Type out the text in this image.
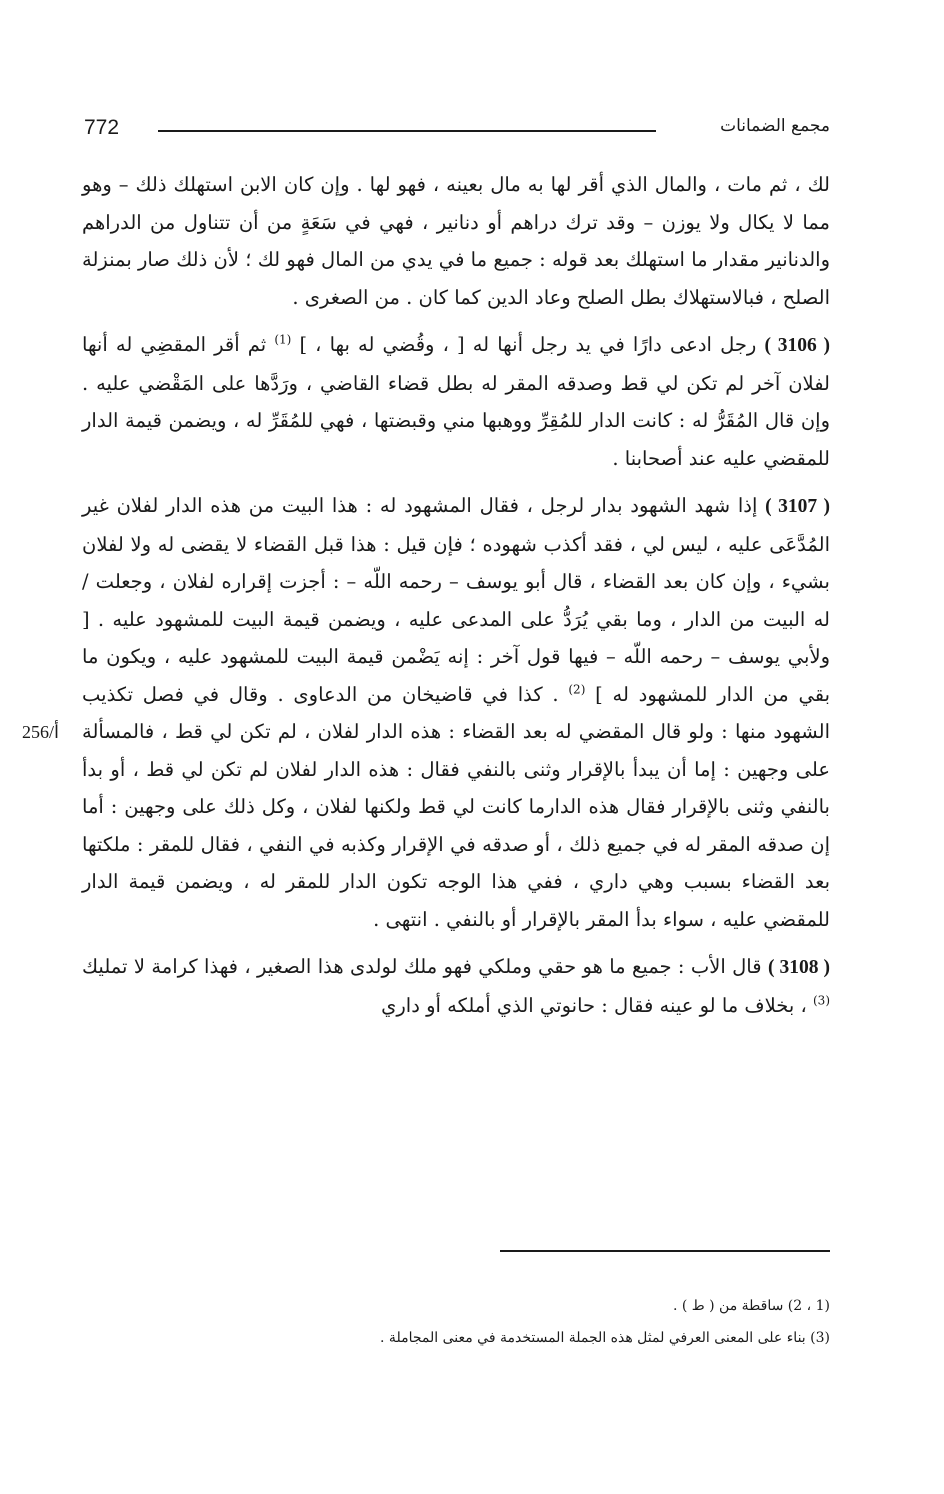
772	مجمع الضمانات
256/أ

لك ، ثم مات ، والمال الذي أقر لها به مال بعينه ، فهو لها . وإن كان الابن استهلك ذلك – وهو مما لا يكال ولا يوزن – وقد ترك دراهم أو دنانير ، فهي في سَعَةٍ من أن تتناول من الدراهم والدنانير مقدار ما استهلك بعد قوله : جميع ما في يدي من المال فهو لك ؛ لأن ذلك صار بمنزلة الصلح ، فبالاستهلاك بطل الصلح وعاد الدين كما كان . من الصغرى .

( 3106 ) رجل ادعى دارًا في يد رجل أنها له [ ، وقُضي له بها ، ] $^{(1)}$ ثم أقر المقضِي له أنها لفلان آخر لم تكن لي قط وصدقه المقر له بطل قضاء القاضي ، ورَدَّها على المَقْضي عليه . وإن قال المُقَرُّ له : كانت الدار للمُقِرِّ ووهبها مني وقبضتها ، فهي للمُقَرِّ له ، ويضمن قيمة الدار للمقضي عليه عند أصحابنا .

( 3107 ) إذا شهد الشهود بدار لرجل ، فقال المشهود له : هذا البيت من هذه الدار لفلان غير المُدَّعَى عليه ، ليس لي ، فقد أكذب شهوده ؛ فإن قيل : هذا قبل القضاء لا يقضى له ولا لفلان بشيء ، وإن كان بعد القضاء ، قال أبو يوسف – رحمه اللّه – : أجزت إقراره لفلان ، وجعلت / له البيت من الدار ، وما بقي يُرَدُّ على المدعى عليه ، ويضمن قيمة البيت للمشهود عليه . [ ولأبي يوسف – رحمه اللّه – فيها قول آخر : إنه يَضْمن قيمة البيت للمشهود عليه ، ويكون ما بقي من الدار للمشهود له ] $^{(2)}$ . كذا في قاضيخان من الدعاوى . وقال في فصل تكذيب الشهود منها : ولو قال المقضي له بعد القضاء : هذه الدار لفلان ، لم تكن لي قط ، فالمسألة على وجهين : إما أن يبدأ بالإقرار وثنى بالنفي فقال : هذه الدار لفلان لم تكن لي قط ، أو بدأ بالنفي وثنى بالإقرار فقال هذه الدارما كانت لي قط ولكنها لفلان ، وكل ذلك على وجهين : أما إن صدقه المقر له في جميع ذلك ، أو صدقه في الإقرار وكذبه في النفي ، فقال للمقر : ملكتها بعد القضاء بسبب وهي داري ، ففي هذا الوجه تكون الدار للمقر له ، ويضمن قيمة الدار للمقضي عليه ، سواء بدأ المقر بالإقرار أو بالنفي . انتهى .

( 3108 ) قال الأب : جميع ما هو حقي وملكي فهو ملك لولدى هذا الصغير ، فهذا كرامة لا تمليك $^{(3)}$ ، بخلاف ما لو عينه فقال : حانوتي الذي أملكه أو داري

(1 ، 2) ساقطة من ( ط ) .
(3) بناء على المعنى العرفي لمثل هذه الجملة المستخدمة في معنى المجاملة .
